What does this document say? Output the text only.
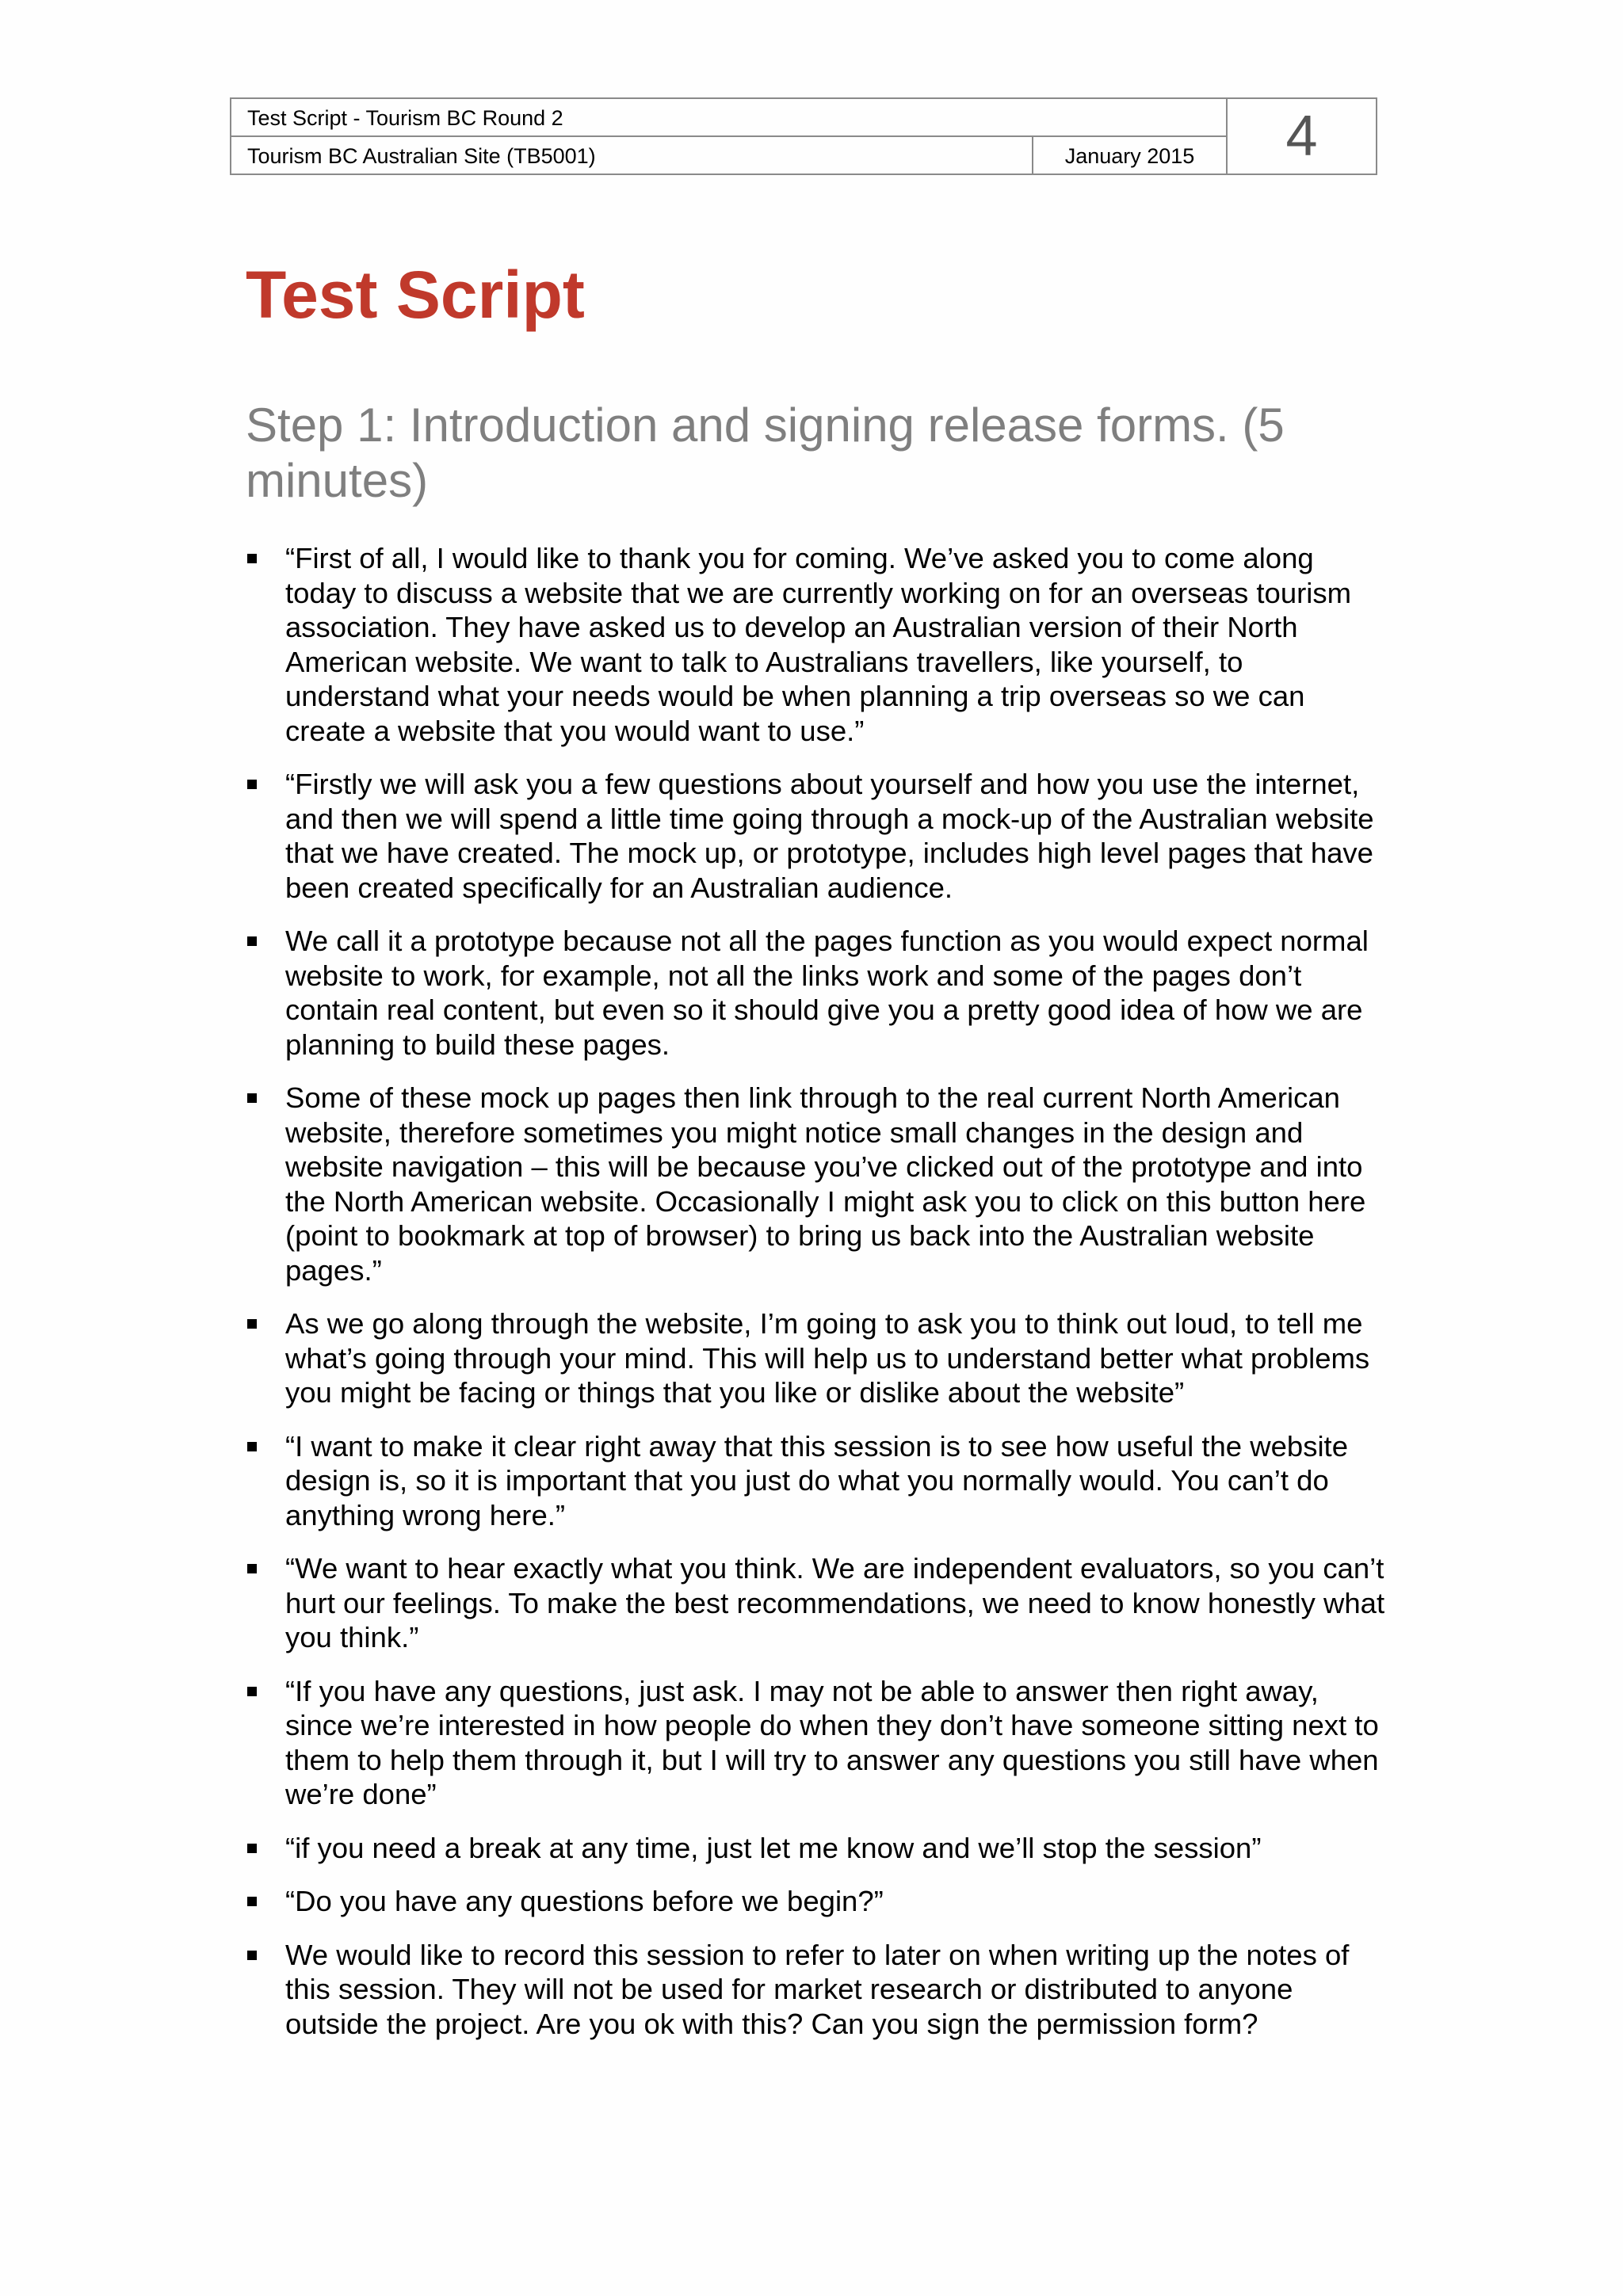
Test Script - Tourism BC Round 2
Tourism BC Australian Site (TB5001)	January 2015	4
Test Script
Step 1: Introduction and signing release forms. (5 minutes)
“First of all, I would like to thank you for coming. We’ve asked you to come along today to discuss a website that we are currently working on for an overseas tourism association. They have asked us to develop an Australian version of their North American website. We want to talk to Australians travellers, like yourself, to understand what your needs would be when planning a trip overseas so we can create a website that you would want to use.”
“Firstly we will ask you a few questions about yourself and how you use the internet, and then we will spend a little time going through a mock-up of the Australian website that we have created. The mock up, or prototype, includes high level pages that have been created specifically for an Australian audience.
We call it a prototype because not all the pages function as you would expect normal website to work, for example, not all the links work and some of the pages don’t contain real content, but even so it should give you a pretty good idea of how we are planning to build these pages.
Some of these mock up pages then link through to the real current North American website, therefore sometimes you might notice small changes in the design and website navigation – this will be because you’ve clicked out of the prototype and into the North American website. Occasionally I might ask you to click on this button here (point to bookmark at top of browser) to bring us back into the Australian website pages.”
As we go along through the website, I’m going to ask you to think out loud, to tell me what’s going through your mind. This will help us to understand better what problems you might be facing or things that you like or dislike about the website”
“I want to make it clear right away that this session is to see how useful the website design is, so it is important that you just do what you normally would. You can’t do anything wrong here.”
“We want to hear exactly what you think. We are independent evaluators, so you can’t hurt our feelings. To make the best recommendations, we need to know honestly what you think.”
“If you have any questions, just ask. I may not be able to answer then right away, since we’re interested in how people do when they don’t have someone sitting next to them to help them through it, but I will try to answer any questions you still have when we’re done”
“if you need a break at any time, just let me know and we’ll stop the session”
“Do you have any questions before we begin?”
We would like to record this session to refer to later on when writing up the notes of this session. They will not be used for market research or distributed to anyone outside the project. Are you ok with this? Can you sign the permission form?
